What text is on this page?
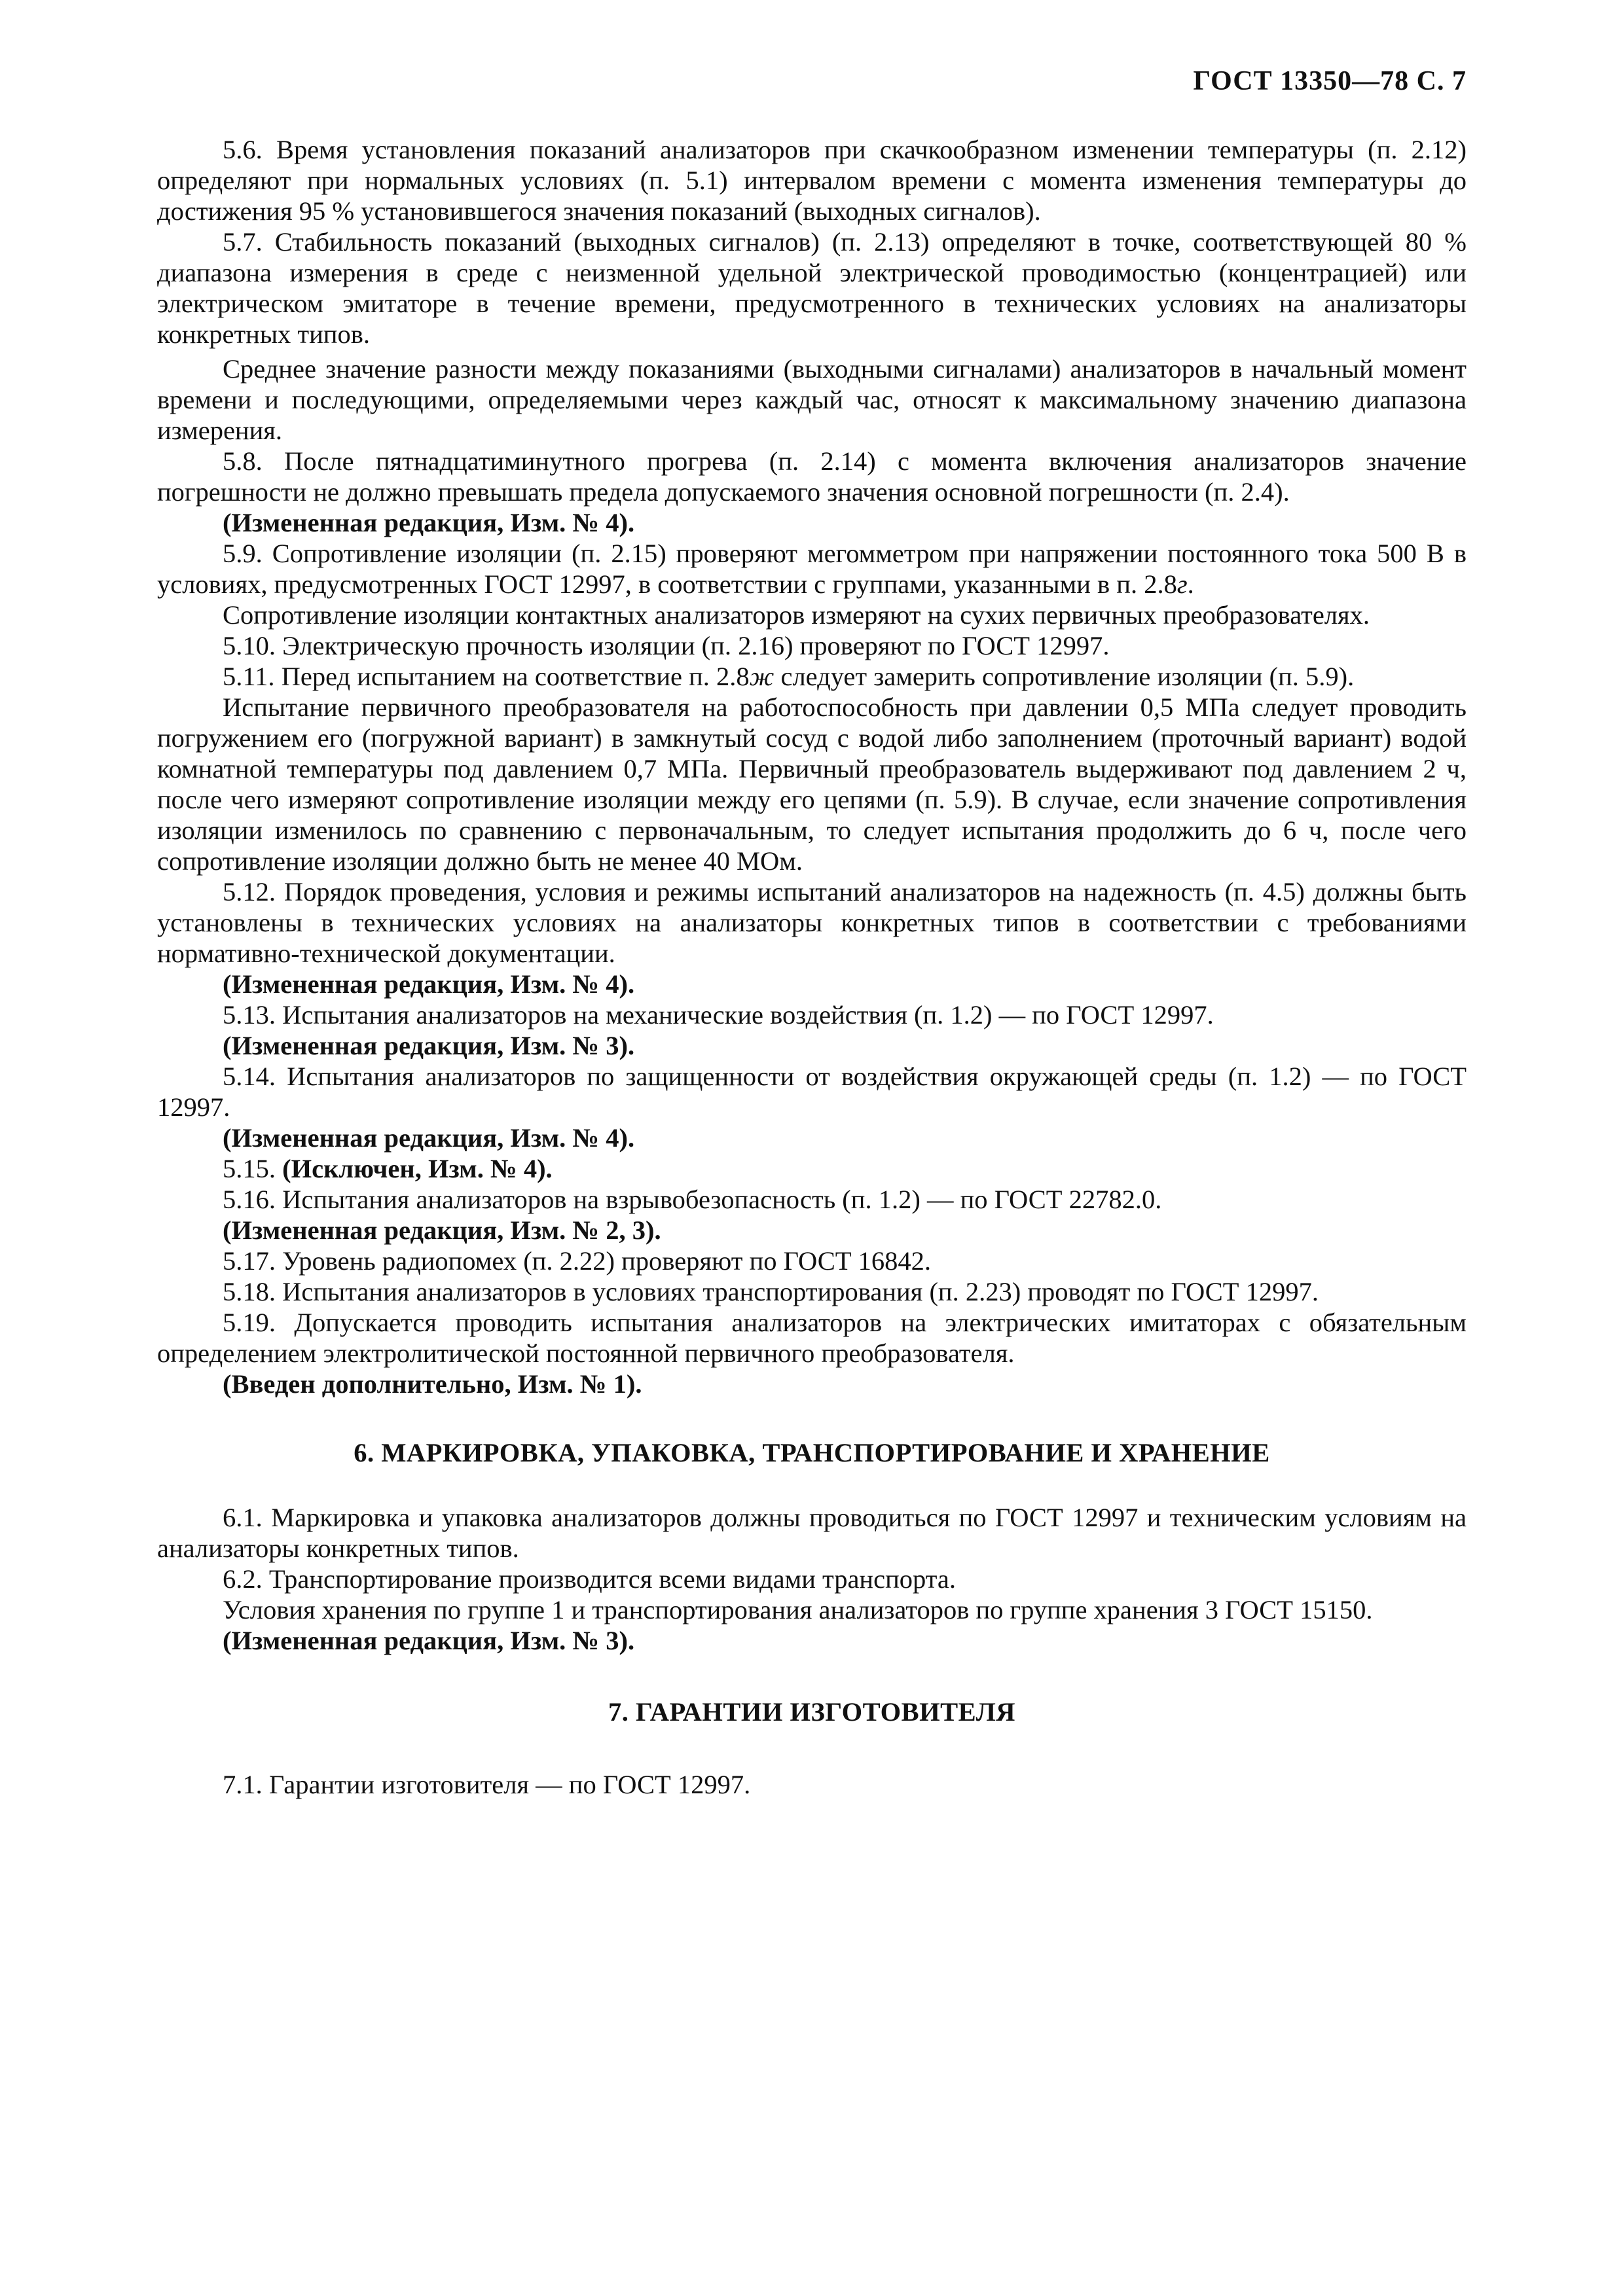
ГОСТ 13350—78 С. 7

5.6. Время установления показаний анализаторов при скачкообразном изменении температуры (п. 2.12) определяют при нормальных условиях (п. 5.1) интервалом времени с момента изменения температуры до достижения 95 % установившегося значения показаний (выходных сигналов).

5.7. Стабильность показаний (выходных сигналов) (п. 2.13) определяют в точке, соответствующей 80 % диапазона измерения в среде с неизменной удельной электрической проводимостью (концентрацией) или электрическом эмитаторе в течение времени, предусмотренного в технических условиях на анализаторы конкретных типов.

Среднее значение разности между показаниями (выходными сигналами) анализаторов в начальный момент времени и последующими, определяемыми через каждый час, относят к максимальному значению диапазона измерения.

5.8. После пятнадцатиминутного прогрева (п. 2.14) с момента включения анализаторов значение погрешности не должно превышать предела допускаемого значения основной погрешности (п. 2.4).

(Измененная редакция, Изм. № 4).

5.9. Сопротивление изоляции (п. 2.15) проверяют мегомметром при напряжении постоянного тока 500 В в условиях, предусмотренных ГОСТ 12997, в соответствии с группами, указанными в п. 2.8г.

Сопротивление изоляции контактных анализаторов измеряют на сухих первичных преобразователях.

5.10. Электрическую прочность изоляции (п. 2.16) проверяют по ГОСТ 12997.

5.11. Перед испытанием на соответствие п. 2.8ж следует замерить сопротивление изоляции (п. 5.9).

Испытание первичного преобразователя на работоспособность при давлении 0,5 МПа следует проводить погружением его (погружной вариант) в замкнутый сосуд с водой либо заполнением (проточный вариант) водой комнатной температуры под давлением 0,7 МПа. Первичный преобразователь выдерживают под давлением 2 ч, после чего измеряют сопротивление изоляции между его цепями (п. 5.9). В случае, если значение сопротивления изоляции изменилось по сравнению с первоначальным, то следует испытания продолжить до 6 ч, после чего сопротивление изоляции должно быть не менее 40 МОм.

5.12. Порядок проведения, условия и режимы испытаний анализаторов на надежность (п. 4.5) должны быть установлены в технических условиях на анализаторы конкретных типов в соответствии с требованиями нормативно-технической документации.

(Измененная редакция, Изм. № 4).

5.13. Испытания анализаторов на механические воздействия (п. 1.2) — по ГОСТ 12997.

(Измененная редакция, Изм. № 3).

5.14. Испытания анализаторов по защищенности от воздействия окружающей среды (п. 1.2) — по ГОСТ 12997.

(Измененная редакция, Изм. № 4).

5.15. (Исключен, Изм. № 4).

5.16. Испытания анализаторов на взрывобезопасность (п. 1.2) — по ГОСТ 22782.0.

(Измененная редакция, Изм. № 2, 3).

5.17. Уровень радиопомех (п. 2.22) проверяют по ГОСТ 16842.

5.18. Испытания анализаторов в условиях транспортирования (п. 2.23) проводят по ГОСТ 12997.

5.19. Допускается проводить испытания анализаторов на электрических имитаторах с обязательным определением электролитической постоянной первичного преобразователя.

(Введен дополнительно, Изм. № 1).

6. МАРКИРОВКА, УПАКОВКА, ТРАНСПОРТИРОВАНИЕ И ХРАНЕНИЕ

6.1. Маркировка и упаковка анализаторов должны проводиться по ГОСТ 12997 и техническим условиям на анализаторы конкретных типов.

6.2. Транспортирование производится всеми видами транспорта.

Условия хранения по группе 1 и транспортирования анализаторов по группе хранения 3 ГОСТ 15150.

(Измененная редакция, Изм. № 3).

7. ГАРАНТИИ ИЗГОТОВИТЕЛЯ

7.1. Гарантии изготовителя — по ГОСТ 12997.
